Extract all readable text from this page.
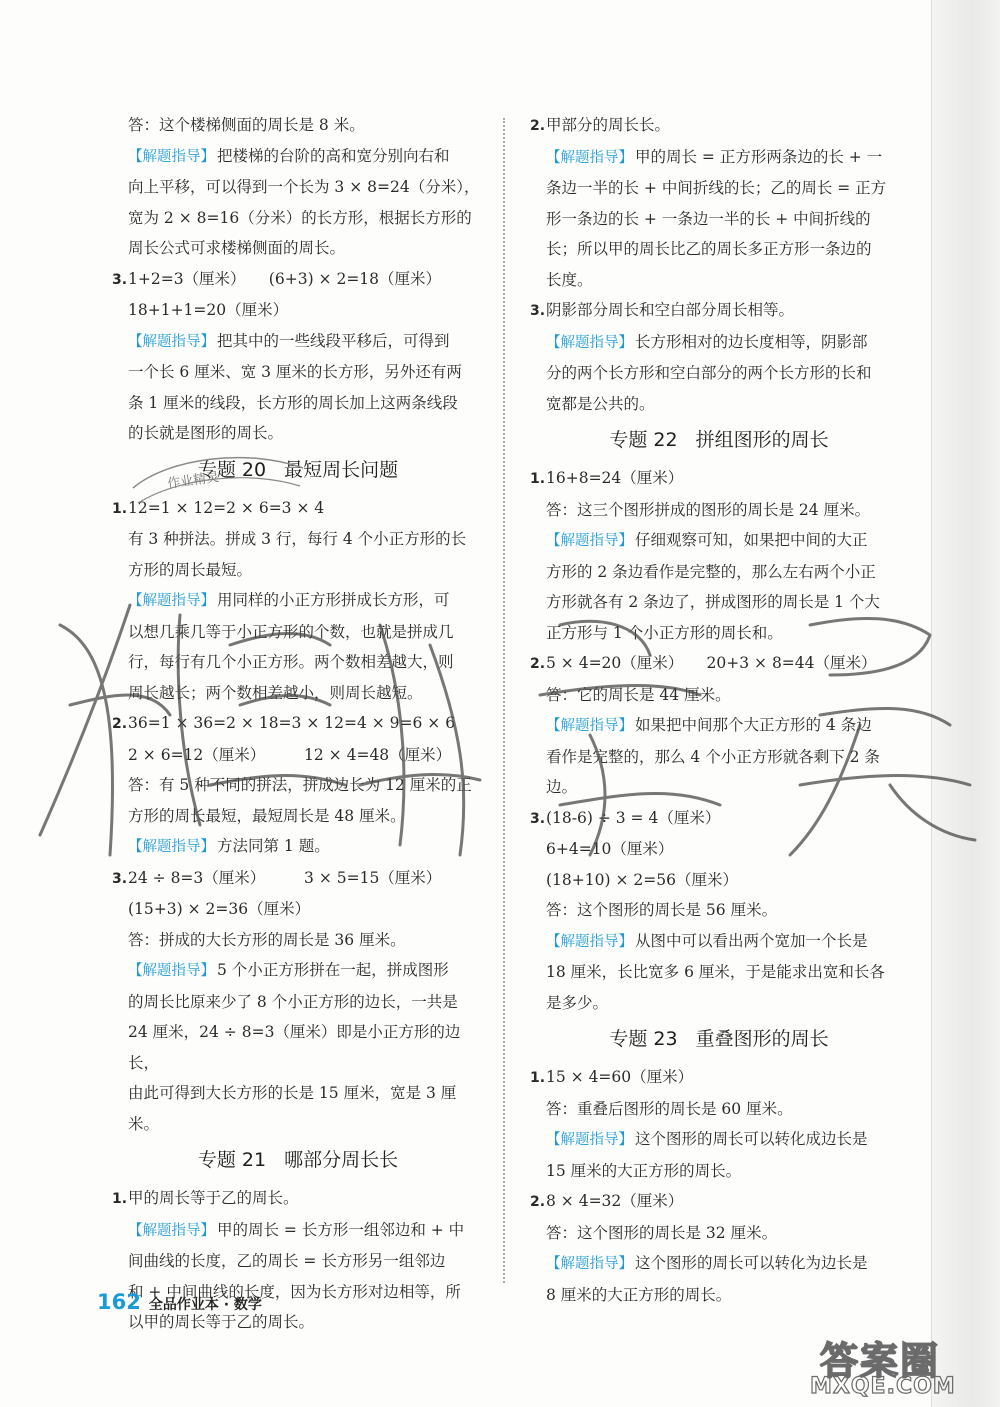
答：这个楼梯侧面的周长是 8 米。

【解题指导】 把楼梯的台阶的高和宽分别向右和

向上平移，可以得到一个长为 3 × 8=24（分米），

宽为 2 × 8=16（分米）的长方形，根据长方形的

周长公式可求楼梯侧面的周长。

3.1+2=3（厘米）　　(6+3) × 2=18（厘米）

18+1+1=20（厘米）

【解题指导】 把其中的一些线段平移后，可得到

一个长 6 厘米、宽 3 厘米的长方形，另外还有两

条 1 厘米的线段，长方形的周长加上这两条线段

的长就是图形的周长。

专题 20 最短周长问题

1.12=1 × 12=2 × 6=3 × 4

有 3 种拼法。拼成 3 行，每行 4 个小正方形的长

方形的周长最短。

【解题指导】 用同样的小正方形拼成长方形，可

以想几乘几等于小正方形的个数，也就是拼成几

行，每行有几个小正方形。两个数相差越大，则

周长越长；两个数相差越小，则周长越短。

2.36=1 × 36=2 × 18=3 × 12=4 × 9=6 × 6

2 × 6=12（厘米）　　　12 × 4=48（厘米）

答：有 5 种不同的拼法，拼成边长为 12 厘米的正

方形的周长最短，最短周长是 48 厘米。

【解题指导】 方法同第 1 题。

3.24 ÷ 8=3（厘米）　　　3 × 5=15（厘米）

(15+3) × 2=36（厘米）

答：拼成的大长方形的周长是 36 厘米。

【解题指导】 5 个小正方形拼在一起，拼成图形

的周长比原来少了 8 个小正方形的边长，一共是

24 厘米，24 ÷ 8=3（厘米）即是小正方形的边长，

由此可得到大长方形的长是 15 厘米，宽是 3 厘米。

专题 21 哪部分周长长

1.甲的周长等于乙的周长。

【解题指导】 甲的周长 = 长方形一组邻边和 + 中

间曲线的长度，乙的周长 = 长方形另一组邻边

和 + 中间曲线的长度，因为长方形对边相等，所

以甲的周长等于乙的周长。

2.甲部分的周长长。

【解题指导】 甲的周长 = 正方形两条边的长 + 一

条边一半的长 + 中间折线的长；乙的周长 = 正方

形一条边的长 + 一条边一半的长 + 中间折线的

长；所以甲的周长比乙的周长多正方形一条边的

长度。

3.阴影部分周长和空白部分周长相等。

【解题指导】 长方形相对的边长度相等，阴影部

分的两个长方形和空白部分的两个长方形的长和

宽都是公共的。

专题 22 拼组图形的周长

1.16+8=24（厘米）

答：这三个图形拼成的图形的周长是 24 厘米。

【解题指导】 仔细观察可知，如果把中间的大正

方形的 2 条边看作是完整的，那么左右两个小正

方形就各有 2 条边了，拼成图形的周长是 1 个大

正方形与 1 个小正方形的周长和。

2.5 × 4=20（厘米）　　20+3 × 8=44（厘米）

答：它的周长是 44 厘米。

【解题指导】 如果把中间那个大正方形的 4 条边

看作是完整的，那么 4 个小正方形就各剩下 2 条边。

3.(18-6) ÷ 3 = 4（厘米）

6+4=10（厘米）

(18+10) × 2=56（厘米）

答：这个图形的周长是 56 厘米。

【解题指导】 从图中可以看出两个宽加一个长是

18 厘米，长比宽多 6 厘米，于是能求出宽和长各

是多少。

专题 23 重叠图形的周长

1.15 × 4=60（厘米）

答：重叠后图形的周长是 60 厘米。

【解题指导】 这个图形的周长可以转化成边长是

15 厘米的大正方形的周长。

2.8 × 4=32（厘米）

答：这个图形的周长是 32 厘米。

【解题指导】 这个图形的周长可以转化为边长是

8 厘米的大正方形的周长。

162 全品作业本 · 数学
作业精灵
答案圈
MXQE.COM
